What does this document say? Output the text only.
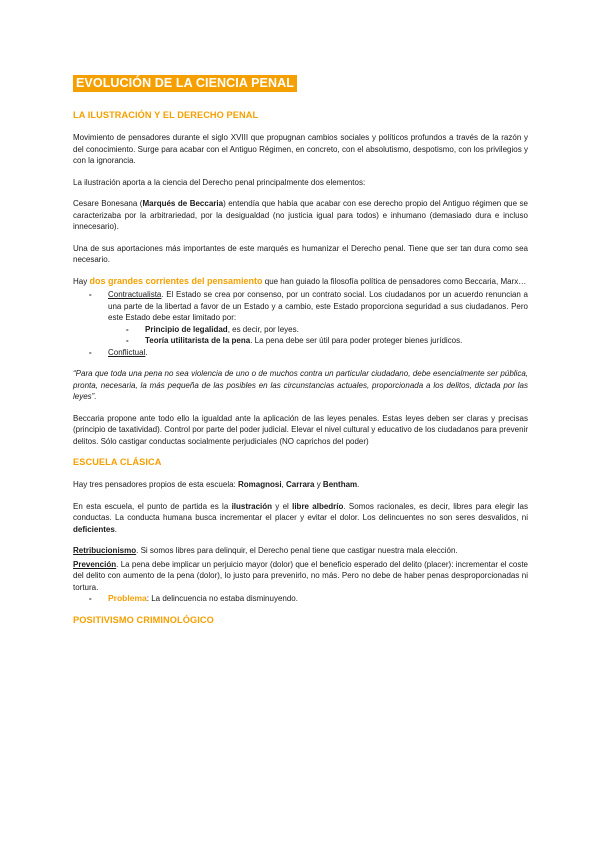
EVOLUCIÓN DE LA CIENCIA PENAL
LA ILUSTRACIÓN Y EL DERECHO PENAL

Movimiento de pensadores durante el siglo XVIII que propugnan cambios sociales y políticos profundos a través de la razón y del conocimiento. Surge para acabar con el Antiguo Régimen, en concreto, con el absolutismo, despotismo, con los privilegios y con la ignorancia.

La ilustración aporta a la ciencia del Derecho penal principalmente dos elementos:

Cesare Bonesana (Marqués de Beccaria) entendía que había que acabar con ese derecho propio del Antiguo régimen que se caracterizaba por la arbitrariedad, por la desigualdad (no justicia igual para todos) e inhumano (demasiado dura e incluso innecesario).

Una de sus aportaciones más importantes de este marqués es humanizar el Derecho penal. Tiene que ser tan dura como sea necesario.

Hay dos grandes corrientes del pensamiento que han guiado la filosofía política de pensadores como Beccaria, Marx…

- Contractualista. El Estado se crea por consenso, por un contrato social. Los ciudadanos por un acuerdo renuncian a una parte de la libertad a favor de un Estado y a cambio, este Estado proporciona seguridad a sus ciudadanos. Pero este Estado debe estar limitado por:
- Principio de legalidad, es decir, por leyes.
- Teoría utilitarista de la pena. La pena debe ser útil para poder proteger bienes jurídicos.
- Conflictual.

“Para que toda una pena no sea violencia de uno o de muchos contra un particular ciudadano, debe esencialmente ser pública, pronta, necesaria, la más pequeña de las posibles en las circunstancias actuales, proporcionada a los delitos, dictada por las leyes”.

Beccaria propone ante todo ello la igualdad ante la aplicación de las leyes penales. Estas leyes deben ser claras y precisas (principio de taxatividad). Control por parte del poder judicial. Elevar el nivel cultural y educativo de los ciudadanos para prevenir delitos. Sólo castigar conductas socialmente perjudiciales (NO caprichos del poder)

ESCUELA CLÁSICA

Hay tres pensadores propios de esta escuela: Romagnosi, Carrara y Bentham.

En esta escuela, el punto de partida es la ilustración y el libre albedrío. Somos racionales, es decir, libres para elegir las conductas. La conducta humana busca incrementar el placer y evitar el dolor. Los delincuentes no son seres desvalidos, ni deficientes.

Retribucionismo. Si somos libres para delinquir, el Derecho penal tiene que castigar nuestra mala elección.

Prevención. La pena debe implicar un perjuicio mayor (dolor) que el beneficio esperado del delito (placer): incrementar el coste del delito con aumento de la pena (dolor), lo justo para prevenirlo, no más. Pero no debe de haber penas desproporcionadas ni tortura.

- Problema: La delincuencia no estaba disminuyendo.
POSITIVISMO CRIMINOLÓGICO
